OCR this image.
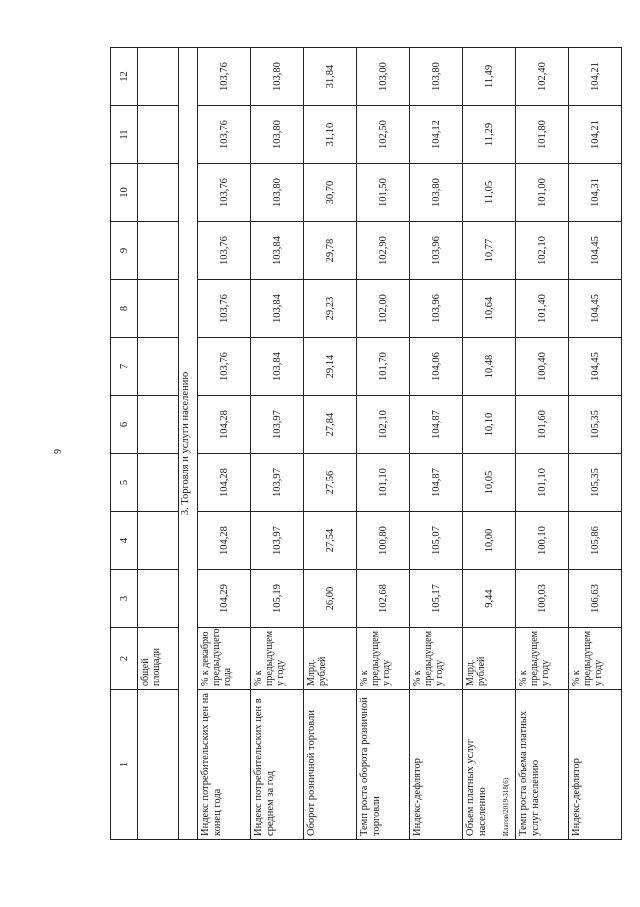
9
Илатов/2019-318(6)
1	2	3	4	5	6	7	8	9	10	11	12
	общей площади										
3. Торговля и услуги населению											
Индекс потребительских цен на конец года	% к декабрю предыдущего года	104,29	104,28	104,28	104,28	103,76	103,76	103,76	103,76	103,76	103,76
Индекс потребительских цен в среднем за год	% к предыдущем у году	105,19	103,97	103,97	103,97	103,84	103,84	103,84	103,80	103,80	103,80
Оборот розничной торговли	Млрд. рублей	26,00	27,54	27,56	27,84	29,14	29,23	29,78	30,70	31,10	31,84
Темп роста оборота розничной торговли	% к предыдущем у году	102,68	100,80	101,10	102,10	101,70	102,00	102,90	101,50	102,50	103,00
Индекс-дефлятор	% к предыдущем у году	105,17	105,07	104,87	104,87	104,06	103,96	103,96	103,80	104,12	103,80
Объем платных услуг населению	Млрд. рублей	9,44	10,00	10,05	10,10	10,48	10,64	10,77	11,05	11,29	11,49
Темп роста объема платных услуг населению	% к предыдущем у году	100,03	100,10	101,10	101,60	100,40	101,40	102,10	101,00	101,80	102,40
Индекс-дефлятор	% к предыдущем у году	106,63	105,86	105,35	105,35	104,45	104,45	104,45	104,31	104,21	104,21
